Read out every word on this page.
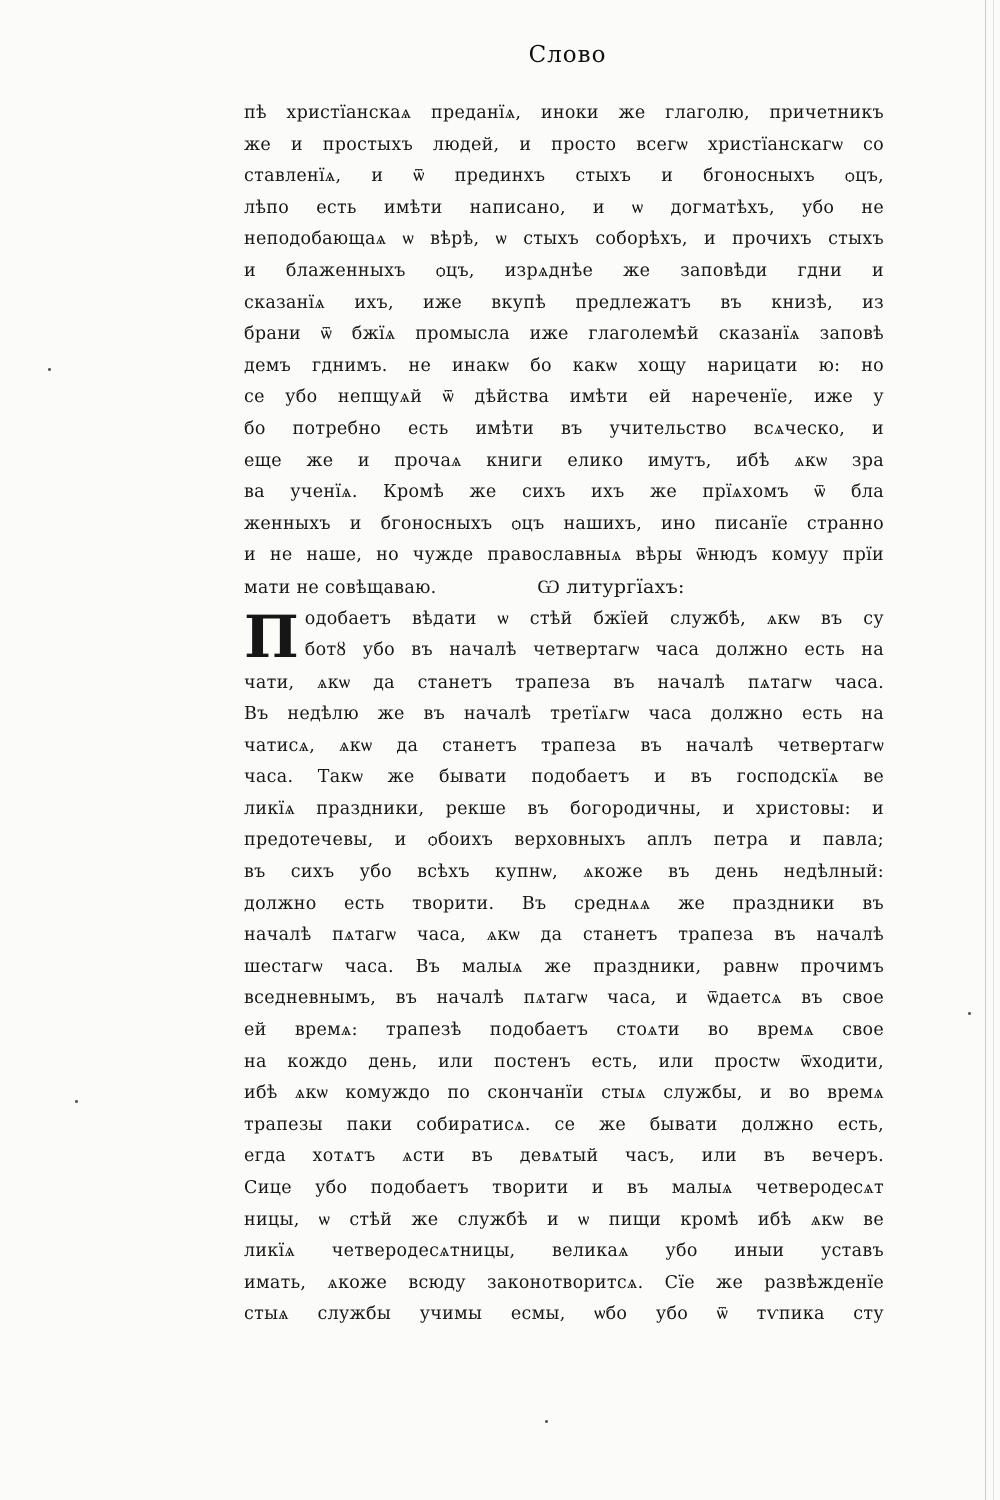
Слово
пѣ христїанскаѧ преданїѧ, иноки же глаголю, причетникъ
же и простыхъ людей, и просто всегѡ христїанскагѡ со
ставленїѧ, и ѿ прединхъ стыхъ и бгоносныхъ ѻцъ,
лѣпо есть имѣти написано, и ѡ догматѣхъ, убо не
неподобающаѧ ѡ вѣрѣ, ѡ стыхъ соборѣхъ, и прочихъ стыхъ
и блаженныхъ ѻцъ, изрѧднѣе же заповѣди гдни и
сказанїѧ ихъ, иже вкупѣ предлежатъ въ книзѣ, из
брани ѿ бжїѧ промысла иже глаголемѣй сказанїѧ заповѣ
демъ гднимъ. не инакѡ бо какѡ хощу нарицати ю: но
се убо непщуѧй ѿ дѣйства имѣти ей нареченїе, иже у
бо потребно есть имѣти въ учительство всѧческо, и
еще же и прочаѧ книги елико имутъ, ибѣ ѧкѡ зра
ва ученїѧ. Кромѣ же сихъ ихъ же прїѧхомъ ѿ бла
женныхъ и бгоносныхъ ѻцъ нашихъ, ино писанїе странно
и не наше, но чужде православныѧ вѣры ѿнюдъ комуу прїи
мати не совѣщаваю.	Ѡ литургїахъ:
П одобаетъ вѣдати ѡ стѣй бжїей службѣ, ѧкѡ въ су
ботȣ убо въ началѣ четвертагѡ часа должно есть на
чати, ѧкѡ да станетъ трапеза въ началѣ пѧтагѡ часа.
Въ недѣлю же въ началѣ третїѧгѡ часа должно есть на
чатисѧ, ѧкѡ да станетъ трапеза въ началѣ четвертагѡ
часа. Такѡ же бывати подобаетъ и въ господскїѧ ве
ликїѧ праздники, рекше въ богородичны, и христовы: и
предотечевы, и ѻбоихъ верховныхъ аплъ петра и павла;
въ сихъ убо всѣхъ купнѡ, ѧкоже въ день недѣлный:
должно есть творити. Въ среднѧѧ же праздники въ
началѣ пѧтагѡ часа, ѧкѡ да станетъ трапеза въ началѣ
шестагѡ часа. Въ малыѧ же праздники, равнѡ прочимъ
вседневнымъ, въ началѣ пѧтагѡ часа, и ѿдаетсѧ въ свое
ей времѧ: трапезѣ подобаетъ стоѧти во времѧ свое
на кождо день, или постенъ есть, или простѡ ѿходити,
ибѣ ѧкѡ комуждо по скончанїи стыѧ службы, и во времѧ
трапезы паки собиратисѧ. се же бывати должно есть,
егда хотѧтъ ѧсти въ девѧтый часъ, или въ вечеръ.
Сице убо подобаетъ творити и въ малыѧ четверодесѧт
ницы, ѡ стѣй же службѣ и ѡ пищи кромѣ ибѣ ѧкѡ ве
ликїѧ четверодесѧтницы, великаѧ убо иныи уставъ
имать, ѧкоже всюду законотворитсѧ. Сїе же развѣжденїе
стыѧ службы учимы есмы, ѡбо убо ѿ тѵпика сту
